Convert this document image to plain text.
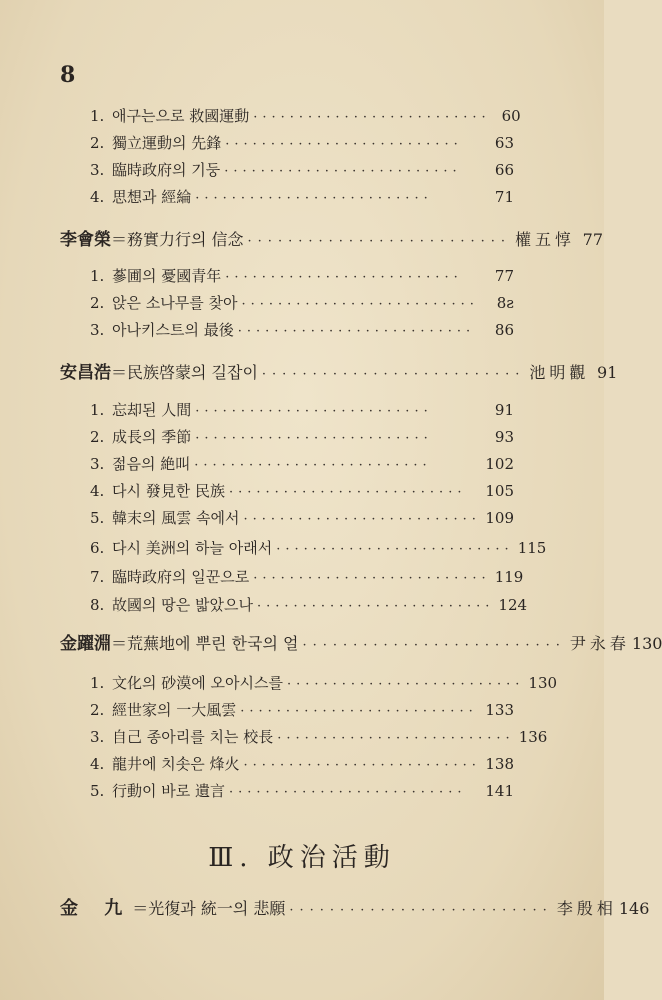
8
1. 애구는으로 救國運動 ·························· 60
2. 獨立運動의 先鋒 ··························	63
3. 臨時政府의 기둥 ··························	66
4. 思想과 經綸 ··························	71
李會榮 ＝務實力行의 信念 ·························· 權五惇 77
1. 蔘圃의 憂國青年 ··························	77
2. 앉은 소나무를 찾아 ··························	8ƨ
3. 아나키스트의 最後 ··························	86
安昌浩 ＝民族啓蒙의 길잡이 ·························· 池明觀 91
1. 忘却된 人間 ··························	91
2. 成長의 季節 ··························	93
3. 젊음의 絶叫 ··························	102
4. 다시 發見한 民族 ··························	105
5. 韓末의 風雲 속에서 ·························· 109
6. 다시 美洲의 하늘 아래서 ·························· 115
7. 臨時政府의 일꾼으로 ·························· 119
8. 故國의 땅은 밟았으나 ·························· 124
金躍淵 ＝荒蕪地에 뿌린 한국의 얼 ·························· 尹永春 130
1. 文化의 砂漠에 오아시스를 ·························· 130
2. 經世家의 一大風雲 ·························· 133
3. 自己 종아리를 치는 校長 ·························· 136
4. 龍井에 치솟은 烽火 ·························· 138
5. 行動이 바로 遺言 ··························	141
Ⅲ. 政治活動
金 九 ＝光復과 統一의 悲願 ·························· 李殷相 146
